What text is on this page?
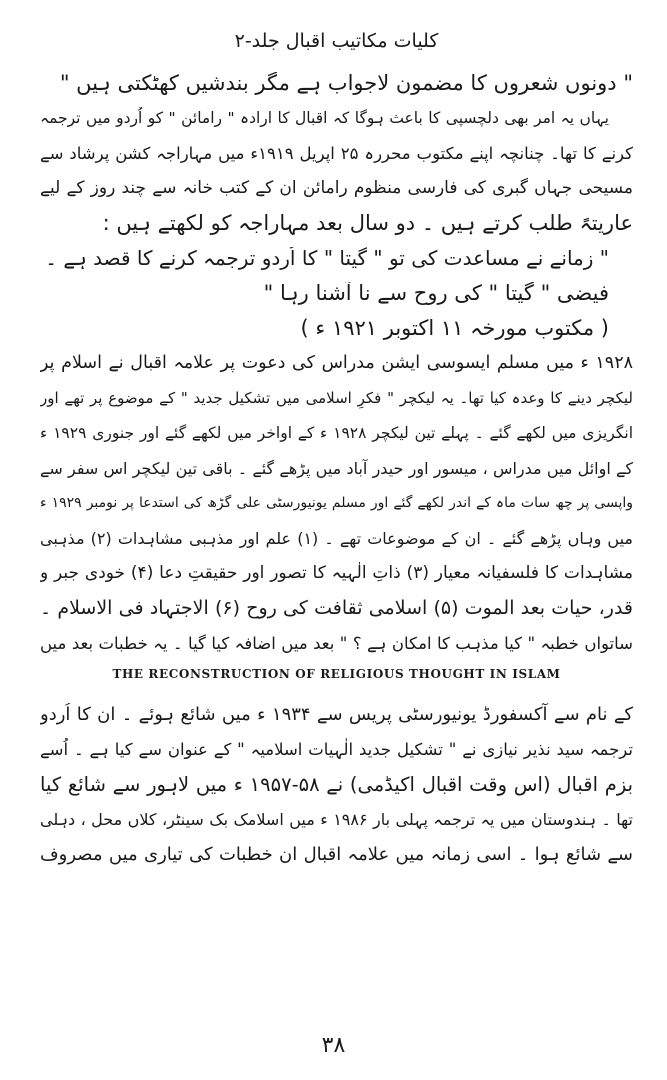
کلیات مکاتیب اقبال جلد-۲

" دونوں شعروں کا مضمون لاجواب ہے مگر بندشیں کھٹکتی ہیں "

یہاں یہ امر بھی دلچسپی کا باعث ہوگا کہ اقبال کا ارادہ " رامائن " کو اُردو میں ترجمہ

کرنے کا تھا۔ چنانچہ اپنے مکتوب محررہ ۲۵ اپریل ۱۹۱۹ء میں مہاراجہ کشن پرشاد سے

مسیحی جہاں گبری کی فارسی منظوم رامائن ان کے کتب خانہ سے چند روز کے لیے

عاریتہً طلب کرتے ہیں ۔ دو سال بعد مہاراجہ کو لکھتے ہیں :

" زمانے نے مساعدت کی تو " گیتا " کا اُردو ترجمہ کرنے کا قصد ہے ۔

فیضی " گیتا " کی روح سے نا آشنا رہا "

( مکتوب مورخہ ۱۱ اکتوبر ۱۹۲۱ ء )

۱۹۲۸ ء میں مسلم ایسوسی ایشن مدراس کی دعوت پر علامہ اقبال نے اسلام پر

لیکچر دینے کا وعدہ کیا تھا۔ یہ لیکچر " فکرِ اسلامی میں تشکیل جدید " کے موضوع پر تھے اور

انگریزی میں لکھے گئے ۔ پہلے تین لیکچر ۱۹۲۸ ء کے اواخر میں لکھے گئے اور جنوری ۱۹۲۹ ء

کے اوائل میں مدراس ، میسور اور حیدر آباد میں پڑھے گئے ۔ باقی تین لیکچر اس سفر سے

واپسی پر چھ سات ماہ کے اندر لکھے گئے اور مسلم یونیورسٹی علی گڑھ کی استدعا پر نومبر ۱۹۲۹ ء

میں وہاں پڑھے گئے ۔ ان کے موضوعات تھے ۔ (۱) علم اور مذہبی مشاہدات (۲) مذہبی

مشاہدات کا فلسفیانہ معیار (۳) ذاتِ الٰہیہ کا تصور اور حقیقتِ دعا (۴) خودی جبر و

قدر، حیات بعد الموت (۵) اسلامی ثقافت کی روح (۶) الاجتہاد فی الاسلام ۔

ساتواں خطبہ " کیا مذہب کا امکان ہے ؟ " بعد میں اضافہ کیا گیا ۔ یہ خطبات بعد میں

THE RECONSTRUCTION OF RELIGIOUS THOUGHT IN ISLAM

کے نام سے آکسفورڈ یونیورسٹی پریس سے ۱۹۳۴ ء میں شائع ہوئے ۔ ان کا اُردو

ترجمہ سید نذیر نیازی نے " تشکیل جدید الٰہیات اسلامیہ " کے عنوان سے کیا ہے ۔ اُسے

بزمِ اقبال (اس وقت اقبال اکیڈمی) نے ۵۸-۱۹۵۷ ء میں لاہور سے شائع کیا

تھا ۔ ہندوستان میں یہ ترجمہ پہلی بار ۱۹۸۶ ء میں اسلامک بک سینٹر، کلاں محل ، دہلی

سے شائع ہوا ۔ اسی زمانہ میں علامہ اقبال ان خطبات کی تیاری میں مصروف

۳۸
